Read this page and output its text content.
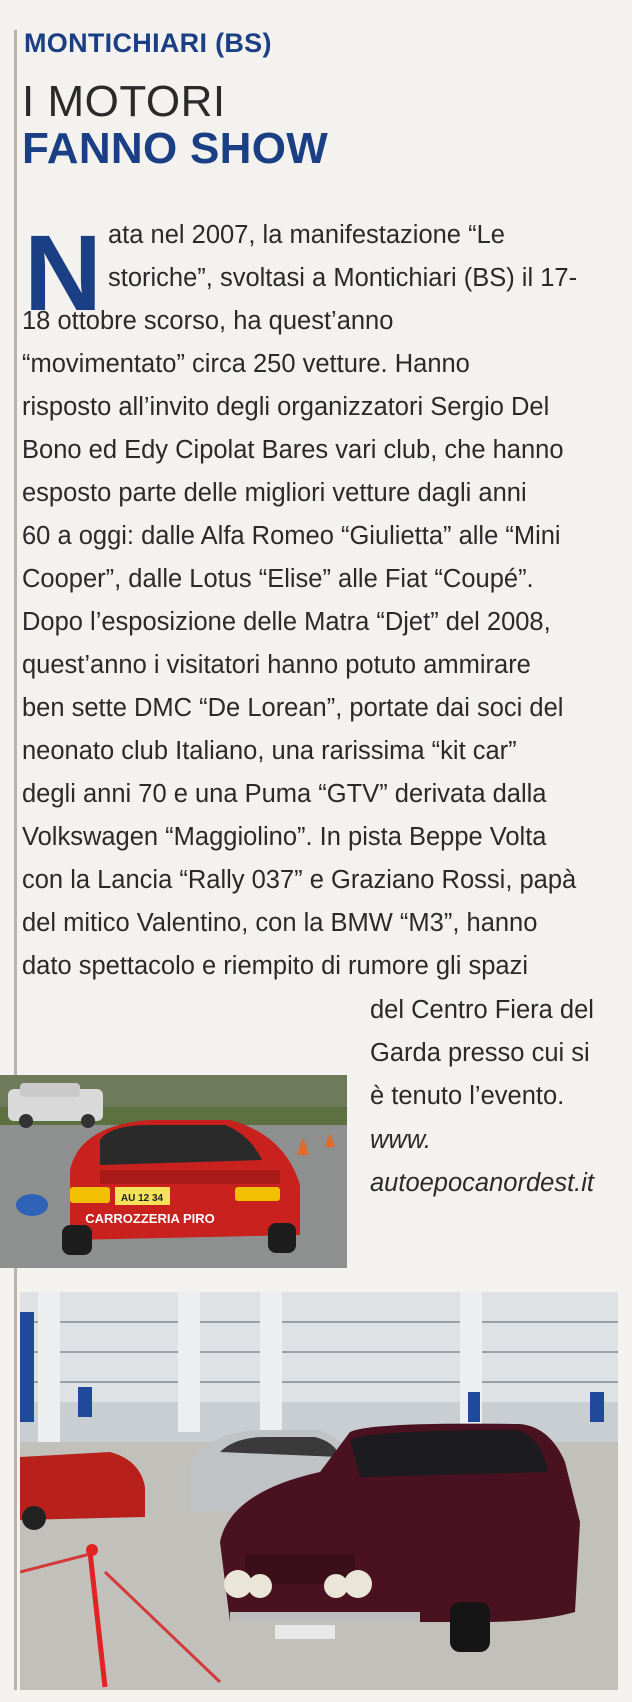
MONTICHIARI (BS)
I MOTORI
FANNO SHOW
N ata nel 2007, la manifestazione “Le
storiche”, svoltasi a Montichiari (BS) il 17-
18 ottobre scorso, ha quest’anno
“movimentato” circa 250 vetture. Hanno
risposto all’invito degli organizzatori Sergio Del
Bono ed Edy Cipolat Bares vari club, che hanno
esposto parte delle migliori vetture dagli anni
60 a oggi: dalle Alfa Romeo “Giulietta” alle “Mini
Cooper”, dalle Lotus “Elise” alle Fiat “Coupé”.
Dopo l’esposizione delle Matra “Djet” del 2008,
quest’anno i visitatori hanno potuto ammirare
ben sette DMC “De Lorean”, portate dai soci del
neonato club Italiano, una rarissima “kit car”
degli anni 70 e una Puma “GTV” derivata dalla
Volkswagen “Maggiolino”. In pista Beppe Volta
con la Lancia “Rally 037” e Graziano Rossi, papà
del mitico Valentino, con la BMW “M3”, hanno
dato spettacolo e riempito di rumore gli spazi
del Centro Fiera del
Garda presso cui si
è tenuto l’evento.
www.
autoepocanordest.it
AU 12 34
CARROZZERIA PIRO
